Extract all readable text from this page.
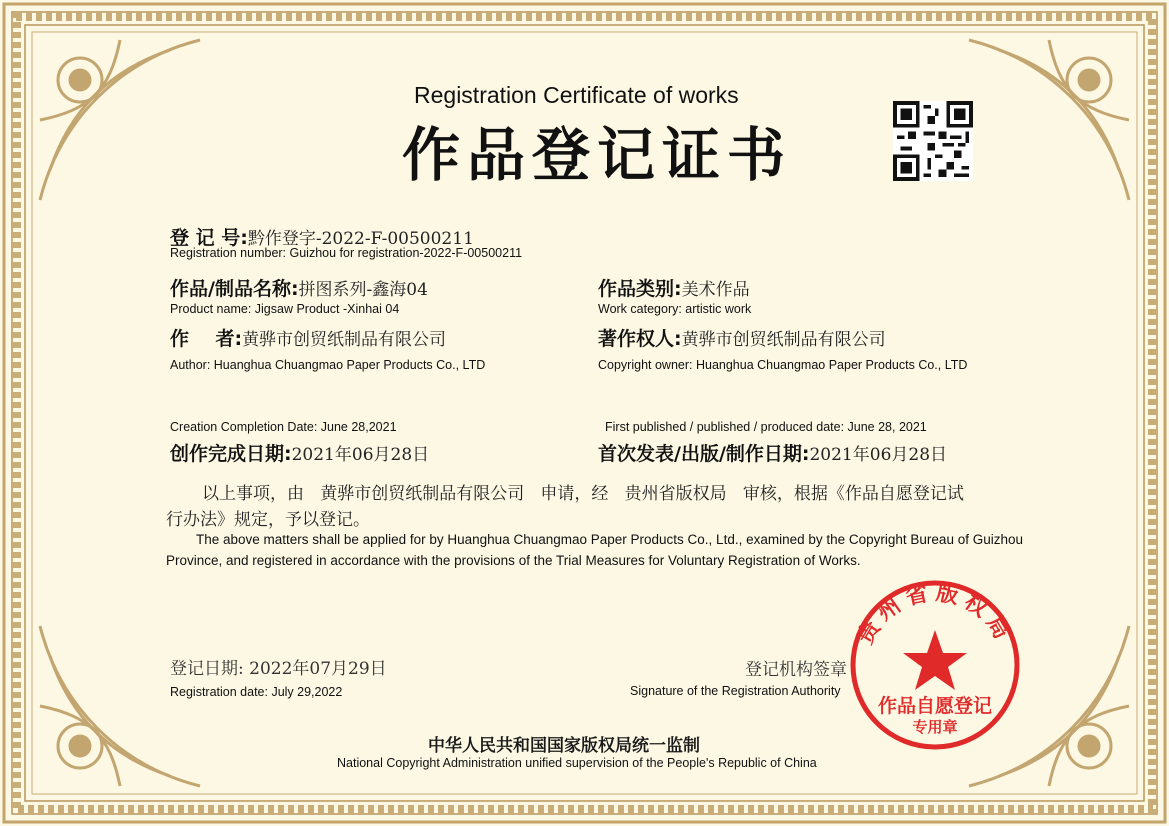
Registration Certificate of works
作品登记证书
登 记 号:黔作登字-2022-F-00500211
Registration number: Guizhou for registration-2022-F-00500211
作品/制品名称:拼图系列-鑫海04
Product name: Jigsaw Product -Xinhai 04
作品类别:美术作品
Work category: artistic work
作    者:黄骅市创贸纸制品有限公司
Author: Huanghua Chuangmao Paper Products Co., LTD
著作权人:黄骅市创贸纸制品有限公司
Copyright owner: Huanghua Chuangmao Paper Products Co., LTD
Creation Completion Date: June 28,2021
创作完成日期:2021年06月28日
First published / published / produced date: June 28, 2021
首次发表/出版/制作日期:2021年06月28日
以上事项，由   黄骅市创贸纸制品有限公司   申请，经   贵州省版权局   审核，根据《作品自愿登记试
行办法》规定，予以登记。
The above matters shall be applied for by Huanghua Chuangmao Paper Products Co., Ltd., examined by the Copyright Bureau of Guizhou
Province, and registered in accordance with the provisions of the Trial Measures for Voluntary Registration of Works.
登记日期: 2022年07月29日
Registration date: July 29,2022
登记机构签章
Signature of the Registration Authority
中华人民共和国国家版权局统一监制
National Copyright Administration unified supervision of the People's Republic of China
贵州省版权局
作品自愿登记
专用章
